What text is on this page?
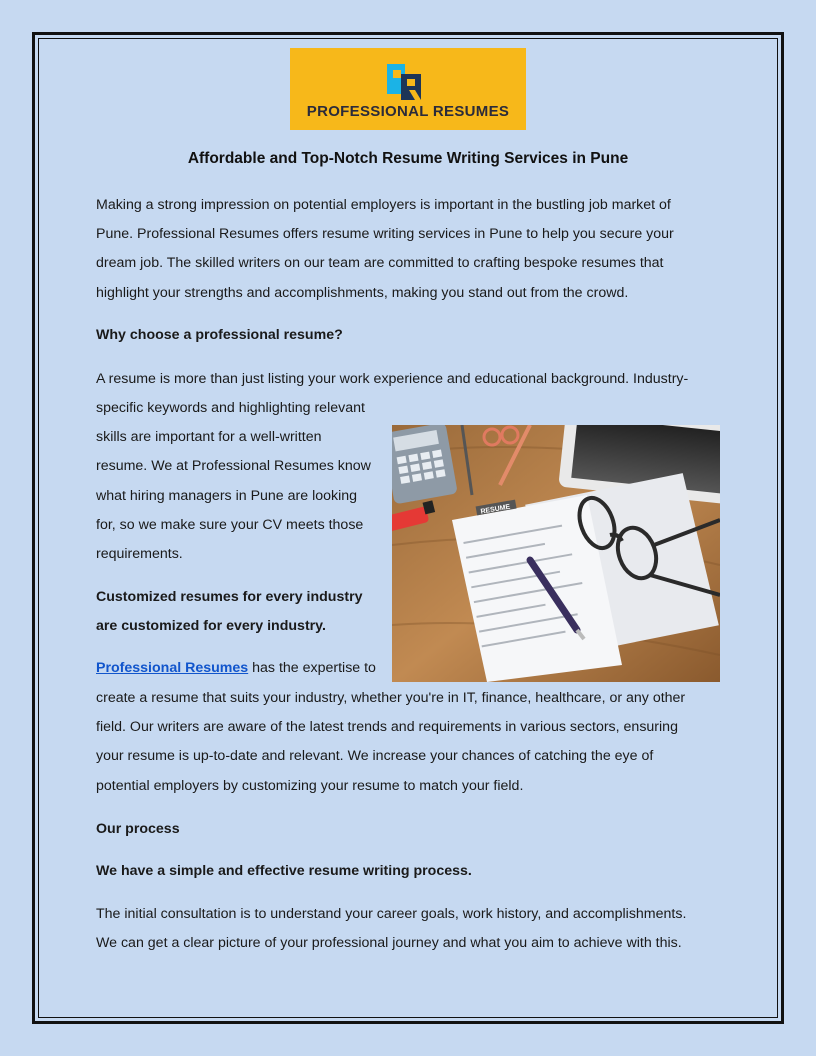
PROFESSIONAL RESUMES
Affordable and Top-Notch Resume Writing Services in Pune
Making a strong impression on potential employers is important in the bustling job market of
Pune. Professional Resumes offers resume writing services in Pune to help you secure your
dream job. The skilled writers on our team are committed to crafting bespoke resumes that
highlight your strengths and accomplishments, making you stand out from the crowd.
Why choose a professional resume?
A resume is more than just listing your work experience and educational background. Industry-
specific keywords and highlighting relevant
skills are important for a well-written
resume. We at Professional Resumes know
what hiring managers in Pune are looking
for, so we make sure your CV meets those
requirements.
Customized resumes for every industry
are customized for every industry.
Professional Resumes has the expertise to
create a resume that suits your industry, whether you're in IT, finance, healthcare, or any other
field. Our writers are aware of the latest trends and requirements in various sectors, ensuring
your resume is up-to-date and relevant. We increase your chances of catching the eye of
potential employers by customizing your resume to match your field.
Our process
We have a simple and effective resume writing process.
The initial consultation is to understand your career goals, work history, and accomplishments.
We can get a clear picture of your professional journey and what you aim to achieve with this.
RESUME
